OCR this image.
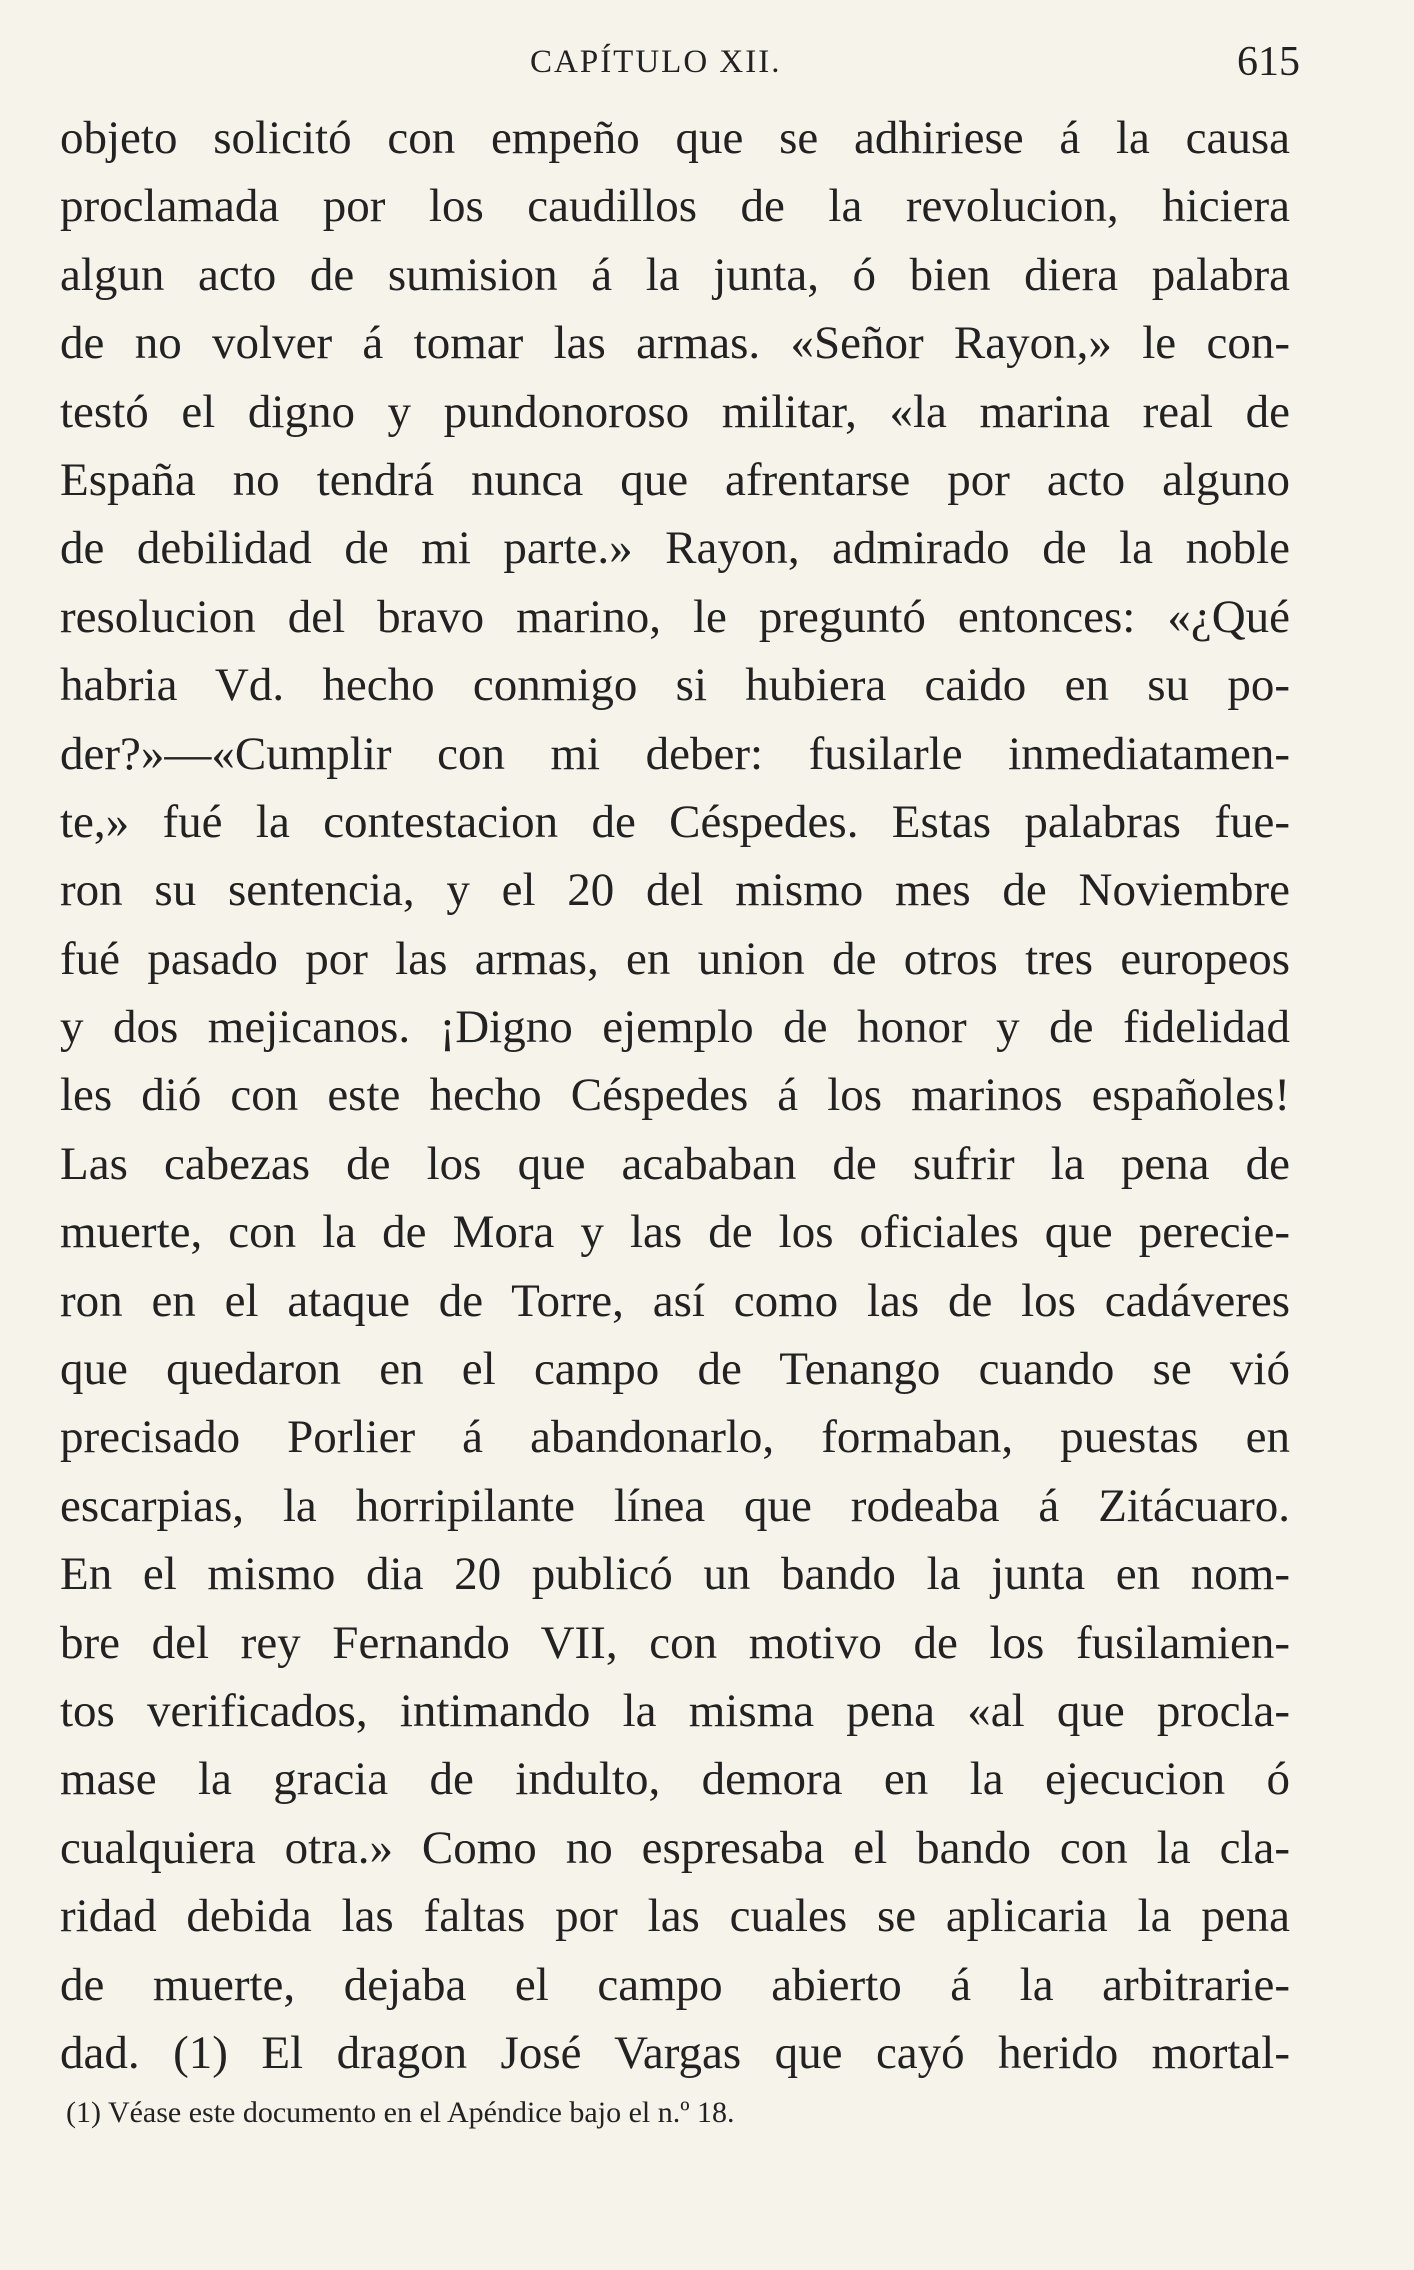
CAPÍTULO XII.	615
objeto solicitó con empeño que se adhiriese á la causa
proclamada por los caudillos de la revolucion, hiciera
algun acto de sumision á la junta, ó bien diera palabra
de no volver á tomar las armas. «Señor Rayon,» le con-
testó el digno y pundonoroso militar, «la marina real de
España no tendrá nunca que afrentarse por acto alguno
de debilidad de mi parte.» Rayon, admirado de la noble
resolucion del bravo marino, le preguntó entonces: «¿Qué
habria Vd. hecho conmigo si hubiera caido en su po-
der?»—«Cumplir con mi deber: fusilarle inmediatamen-
te,» fué la contestacion de Céspedes. Estas palabras fue-
ron su sentencia, y el 20 del mismo mes de Noviembre
fué pasado por las armas, en union de otros tres europeos
y dos mejicanos. ¡Digno ejemplo de honor y de fidelidad
les dió con este hecho Céspedes á los marinos españoles!
Las cabezas de los que acababan de sufrir la pena de
muerte, con la de Mora y las de los oficiales que perecie-
ron en el ataque de Torre, así como las de los cadáveres
que quedaron en el campo de Tenango cuando se vió
precisado Porlier á abandonarlo, formaban, puestas en
escarpias, la horripilante línea que rodeaba á Zitácuaro.
En el mismo dia 20 publicó un bando la junta en nom-
bre del rey Fernando VII, con motivo de los fusilamien-
tos verificados, intimando la misma pena «al que procla-
mase la gracia de indulto, demora en la ejecucion ó
cualquiera otra.» Como no espresaba el bando con la cla-
ridad debida las faltas por las cuales se aplicaria la pena
de muerte, dejaba el campo abierto á la arbitrarie-
dad. (1) El dragon José Vargas que cayó herido mortal-
(1) Véase este documento en el Apéndice bajo el n.º 18.
